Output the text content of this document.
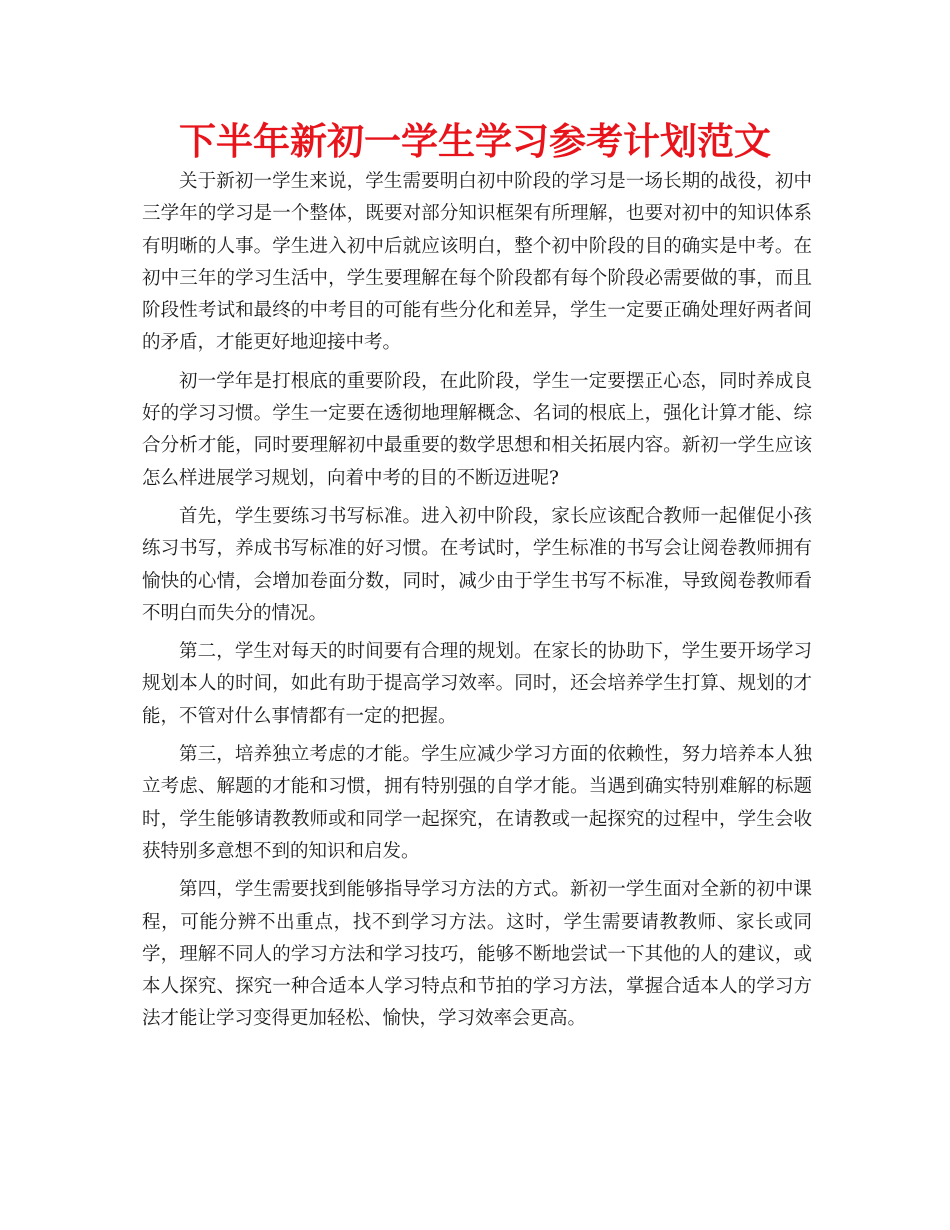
下半年新初一学生学习参考计划范文

关于新初一学生来说，学生需要明白初中阶段的学习是一场长期的战役，初中三学年的学习是一个整体，既要对部分知识框架有所理解，也要对初中的知识体系有明晰的人事。学生进入初中后就应该明白，整个初中阶段的目的确实是中考。在初中三年的学习生活中，学生要理解在每个阶段都有每个阶段必需要做的事，而且阶段性考试和最终的中考目的可能有些分化和差异，学生一定要正确处理好两者间的矛盾，才能更好地迎接中考。

初一学年是打根底的重要阶段，在此阶段，学生一定要摆正心态，同时养成良好的学习习惯。学生一定要在透彻地理解概念、名词的根底上，强化计算才能、综合分析才能，同时要理解初中最重要的数学思想和相关拓展内容。新初一学生应该怎么样进展学习规划，向着中考的目的不断迈进呢?

首先，学生要练习书写标准。进入初中阶段，家长应该配合教师一起催促小孩练习书写，养成书写标准的好习惯。在考试时，学生标准的书写会让阅卷教师拥有愉快的心情，会增加卷面分数，同时，减少由于学生书写不标准，导致阅卷教师看不明白而失分的情况。

第二，学生对每天的时间要有合理的规划。在家长的协助下，学生要开场学习规划本人的时间，如此有助于提高学习效率。同时，还会培养学生打算、规划的才能，不管对什么事情都有一定的把握。

第三，培养独立考虑的才能。学生应减少学习方面的依赖性，努力培养本人独立考虑、解题的才能和习惯，拥有特别强的自学才能。当遇到确实特别难解的标题时，学生能够请教教师或和同学一起探究，在请教或一起探究的过程中，学生会收获特别多意想不到的知识和启发。

第四，学生需要找到能够指导学习方法的方式。新初一学生面对全新的初中课程，可能分辨不出重点，找不到学习方法。这时，学生需要请教教师、家长或同学，理解不同人的学习方法和学习技巧，能够不断地尝试一下其他的人的建议，或本人探究、探究一种合适本人学习特点和节拍的学习方法，掌握合适本人的学习方法才能让学习变得更加轻松、愉快，学习效率会更高。
